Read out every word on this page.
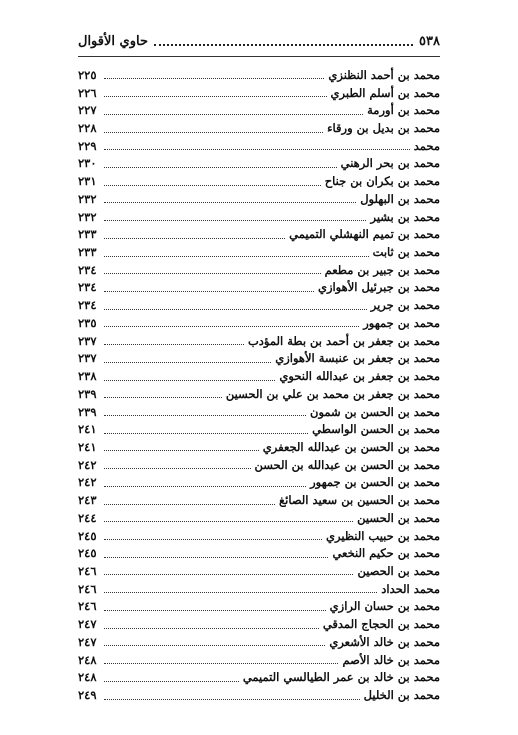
٥٣٨
حاوي الأقوال
محمد بن أحمد النظنزي
٢٢٥
محمد بن أسلم الطبري
٢٢٦
محمد بن أورمة
٢٢٧
محمد بن بديل بن ورقاء
٢٢٨
محمد
٢٢٩
محمد بن بحر الرهني
٢٣٠
محمد بن بكران بن جناح
٢٣١
محمد بن البهلول
٢٣٢
محمد بن بشير
٢٣٢
محمد بن تميم النهشلي التميمي
٢٣٣
محمد بن ثابت
٢٣٣
محمد بن جبير بن مطعم
٢٣٤
محمد بن جبرئيل الأهوازي
٢٣٤
محمد بن جرير
٢٣٤
محمد بن جمهور
٢٣٥
محمد بن جعفر بن أحمد بن بطة المؤدب
٢٣٧
محمد بن جعفر بن عنبسة الأهوازي
٢٣٧
محمد بن جعفر بن عبدالله النحوي
٢٣٨
محمد بن جعفر بن محمد بن علي بن الحسين
٢٣٩
محمد بن الحسن بن شمون
٢٣٩
محمد بن الحسن الواسطي
٢٤١
محمد بن الحسن بن عبدالله الجعفري
٢٤١
محمد بن الحسن بن عبدالله بن الحسن
٢٤٢
محمد بن الحسن بن جمهور
٢٤٢
محمد بن الحسين بن سعيد الصائغ
٢٤٣
محمد بن الحسين
٢٤٤
محمد بن حبيب النظيري
٢٤٥
محمد بن حكيم النخعي
٢٤٥
محمد بن الحصين
٢٤٦
محمد الحداد
٢٤٦
محمد بن حسان الرازي
٢٤٦
محمد بن الحجاج المدقي
٢٤٧
محمد بن خالد الأشعري
٢٤٧
محمد بن خالد الأصم
٢٤٨
محمد بن خالد بن عمر الطيالسي التميمي
٢٤٨
محمد بن الخليل
٢٤٩
